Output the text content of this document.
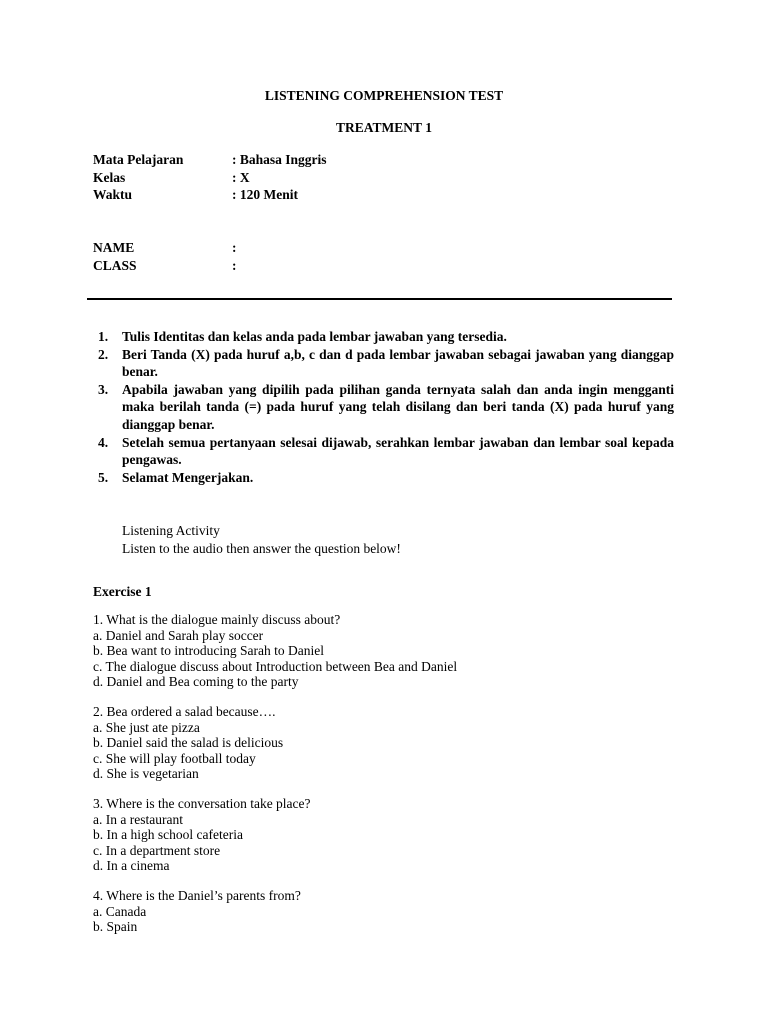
LISTENING COMPREHENSION TEST
TREATMENT 1
Mata Pelajaran	: Bahasa Inggris
Kelas	: X
Waktu	: 120 Menit
NAME	:
CLASS	:
1. Tulis Identitas dan kelas anda pada lembar jawaban yang tersedia.
2. Beri Tanda (X) pada huruf a,b, c dan d pada lembar jawaban sebagai jawaban yang dianggap benar.
3. Apabila jawaban yang dipilih pada pilihan ganda ternyata salah dan anda ingin mengganti maka berilah tanda (=) pada huruf yang telah disilang dan beri tanda (X) pada huruf yang dianggap benar.
4. Setelah semua pertanyaan selesai dijawab, serahkan lembar jawaban dan lembar soal kepada pengawas.
5. Selamat Mengerjakan.
Listening Activity
Listen to the audio then answer the question below!
Exercise 1
1. What is the dialogue mainly discuss about?
a. Daniel and Sarah play soccer
b. Bea want to introducing Sarah to Daniel
c. The dialogue discuss about Introduction between Bea and Daniel
d. Daniel and Bea coming to the party
2. Bea ordered a salad because….
a. She just ate pizza
b. Daniel said the salad is delicious
c. She will play football today
d. She is vegetarian
3. Where is the conversation take place?
a. In a restaurant
b. In a high school cafeteria
c. In a department store
d. In a cinema
4. Where is the Daniel’s parents from?
a. Canada
b. Spain
